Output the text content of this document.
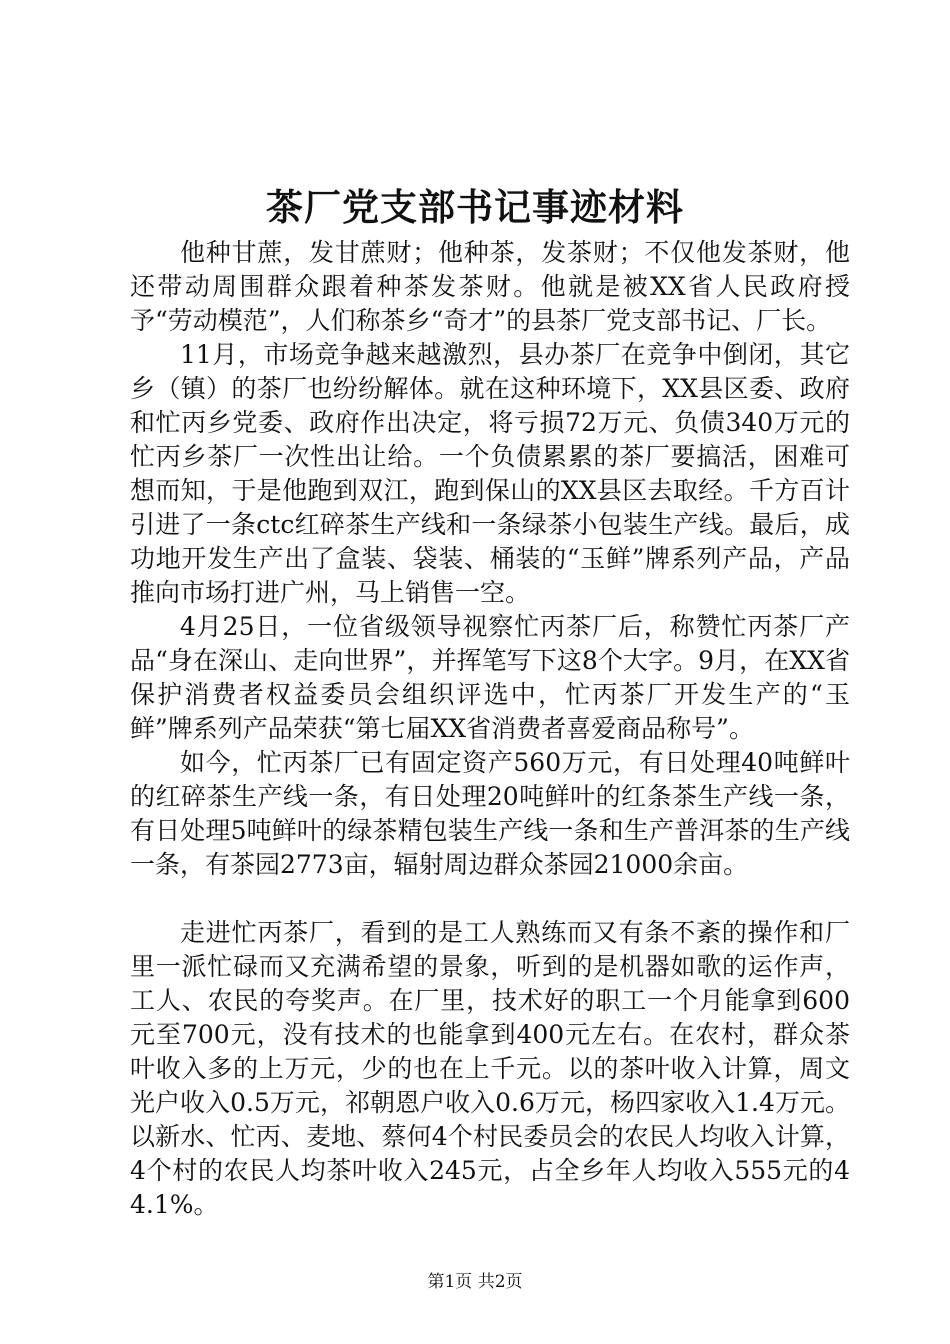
茶厂党支部书记事迹材料

他种甘蔗，发甘蔗财；他种茶，发茶财；不仅他发茶财，他还带动周围群众跟着种茶发茶财。他就是被XX省人民政府授予“劳动模范”，人们称茶乡“奇才”的县茶厂党支部书记、厂长。

11月，市场竞争越来越激烈，县办茶厂在竞争中倒闭，其它乡（镇）的茶厂也纷纷解体。就在这种环境下，XX县区委、政府和忙丙乡党委、政府作出决定，将亏损72万元、负债340万元的忙丙乡茶厂一次性出让给。一个负债累累的茶厂要搞活，困难可想而知，于是他跑到双江，跑到保山的XX县区去取经。千方百计引进了一条ctc红碎茶生产线和一条绿茶小包装生产线。最后，成功地开发生产出了盒装、袋装、桶装的“玉鲜”牌系列产品，产品推向市场打进广州，马上销售一空。

4月25日，一位省级领导视察忙丙茶厂后，称赞忙丙茶厂产品“身在深山、走向世界”，并挥笔写下这8个大字。9月，在XX省保护消费者权益委员会组织评选中，忙丙茶厂开发生产的“玉鲜”牌系列产品荣获“第七届XX省消费者喜爱商品称号”。

如今，忙丙茶厂已有固定资产560万元，有日处理40吨鲜叶的红碎茶生产线一条，有日处理20吨鲜叶的红条茶生产线一条，有日处理5吨鲜叶的绿茶精包装生产线一条和生产普洱茶的生产线一条，有茶园2773亩，辐射周边群众茶园21000余亩。

走进忙丙茶厂，看到的是工人熟练而又有条不紊的操作和厂里一派忙碌而又充满希望的景象，听到的是机器如歌的运作声，工人、农民的夸奖声。在厂里，技术好的职工一个月能拿到600元至700元，没有技术的也能拿到400元左右。在农村，群众茶叶收入多的上万元，少的也在上千元。以的茶叶收入计算，周文光户收入0.5万元，祁朝恩户收入0.6万元，杨四家收入1.4万元。以新水、忙丙、麦地、蔡何4个村民委员会的农民人均收入计算，4个村的农民人均茶叶收入245元，占全乡年人均收入555元的44.1%。

第1页 共2页
